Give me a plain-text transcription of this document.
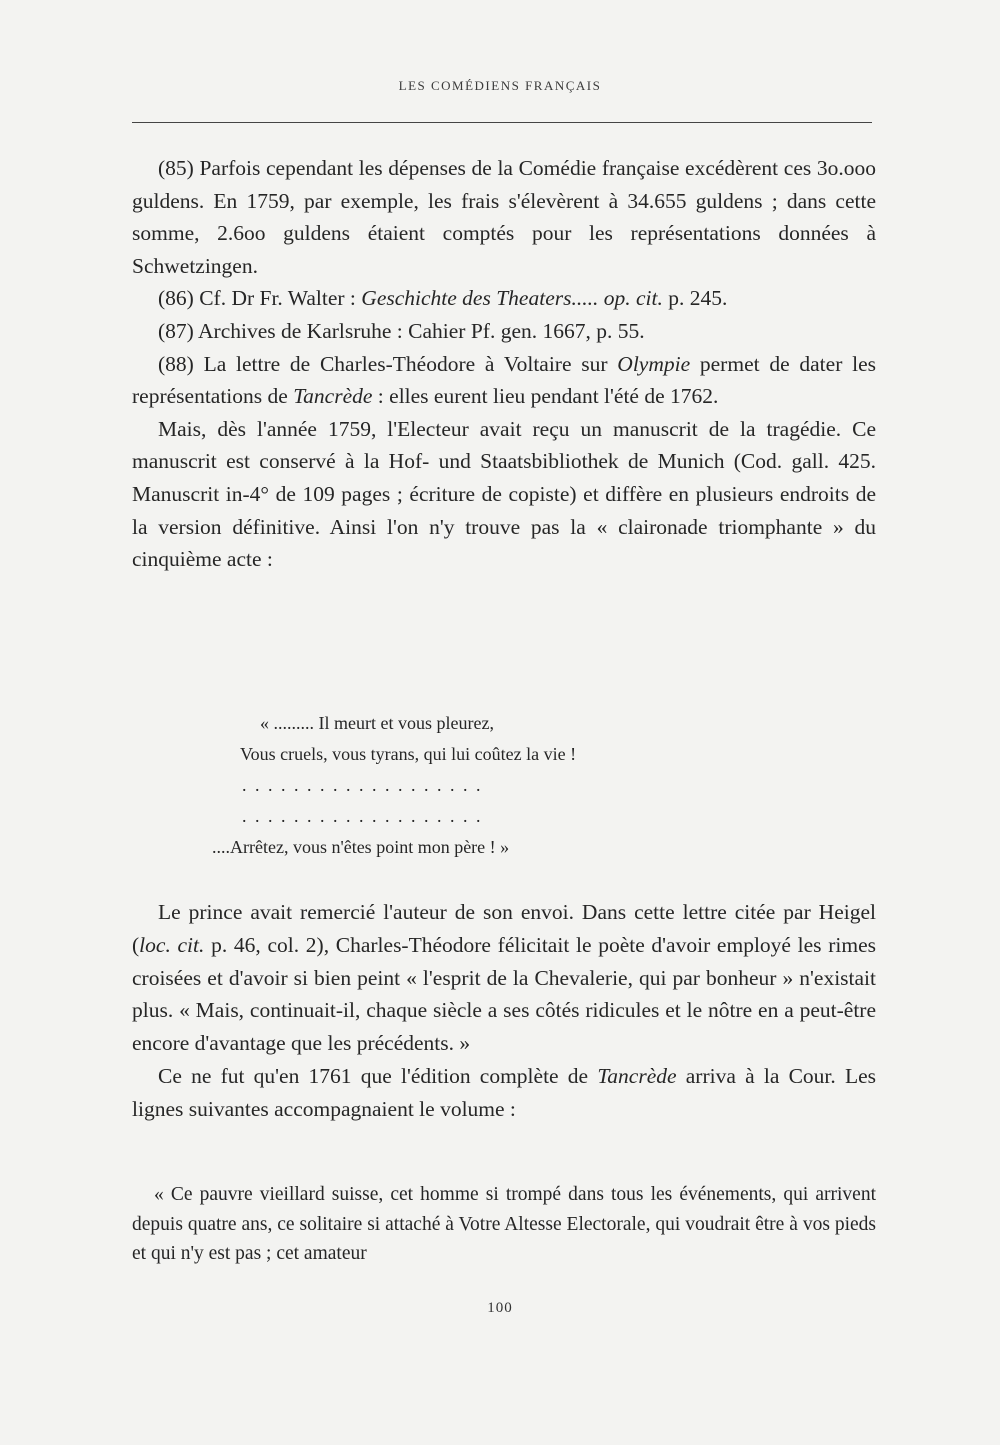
LES COMÉDIENS FRANÇAIS

(85) Parfois cependant les dépenses de la Comédie française excédèrent ces 3o.ooo guldens. En 1759, par exemple, les frais s'élevèrent à 34.655 guldens ; dans cette somme, 2.6oo guldens étaient comptés pour les représentations données à Schwetzingen.

(86) Cf. Dr Fr. Walter : Geschichte des Theaters..... op. cit. p. 245.

(87) Archives de Karlsruhe : Cahier Pf. gen. 1667, p. 55.

(88) La lettre de Charles-Théodore à Voltaire sur Olympie permet de dater les représentations de Tancrède : elles eurent lieu pendant l'été de 1762.

Mais, dès l'année 1759, l'Electeur avait reçu un manuscrit de la tragédie. Ce manuscrit est conservé à la Hof- und Staatsbibliothek de Munich (Cod. gall. 425. Manuscrit in-4° de 109 pages ; écriture de copiste) et diffère en plusieurs endroits de la version définitive. Ainsi l'on n'y trouve pas la « claironade triomphante » du cinquième acte :

« ......... Il meurt et vous pleurez,
Vous cruels, vous tyrans, qui lui coûtez la vie !
. . . . . . . . . . . . . . . . . . .
. . . . . . . . . . . . . . . . . . .
....Arrêtez, vous n'êtes point mon père ! »

Le prince avait remercié l'auteur de son envoi. Dans cette lettre citée par Heigel (loc. cit. p. 46, col. 2), Charles-Théodore félicitait le poète d'avoir employé les rimes croisées et d'avoir si bien peint « l'esprit de la Chevalerie, qui par bonheur » n'existait plus. « Mais, continuait-il, chaque siècle a ses côtés ridicules et le nôtre en a peut-être encore d'avantage que les précédents. »

Ce ne fut qu'en 1761 que l'édition complète de Tancrède arriva à la Cour. Les lignes suivantes accompagnaient le volume :

« Ce pauvre vieillard suisse, cet homme si trompé dans tous les événements, qui arrivent depuis quatre ans, ce solitaire si attaché à Votre Altesse Electorale, qui voudrait être à vos pieds et qui n'y est pas ; cet amateur

100
